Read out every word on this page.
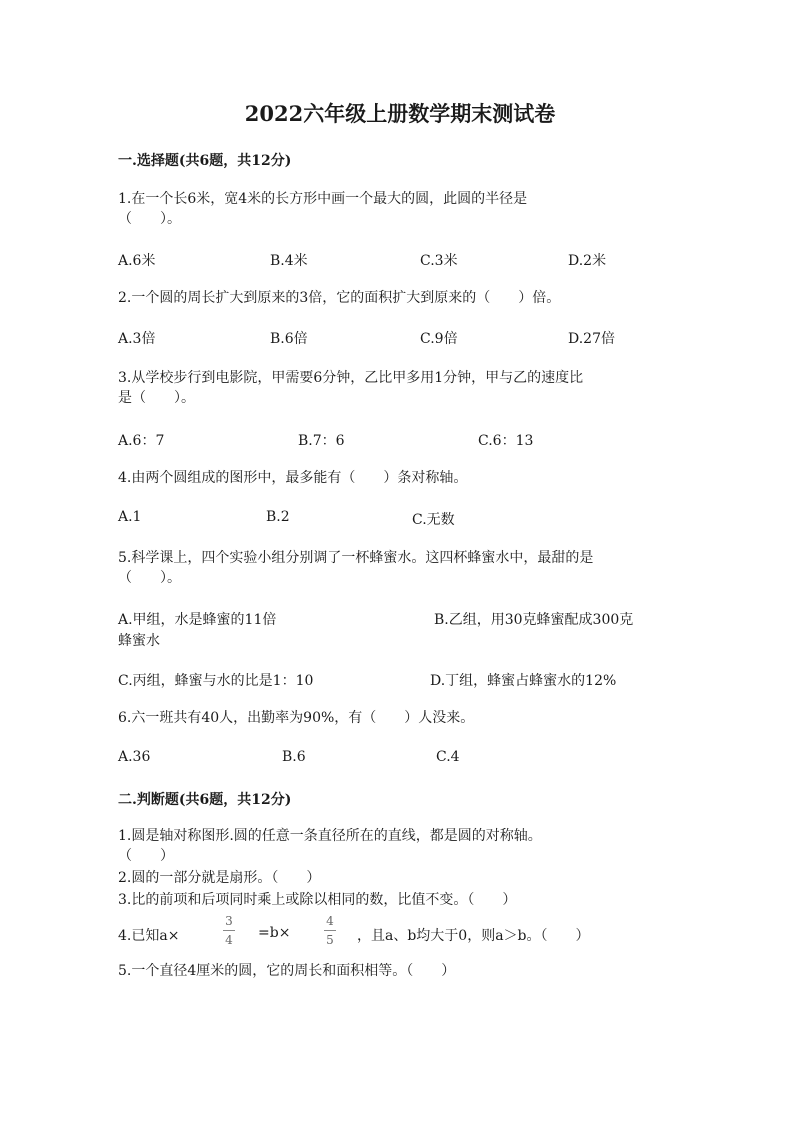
2022六年级上册数学期末测试卷
一.选择题(共6题，共12分)
1.在一个长6米，宽4米的长方形中画一个最大的圆，此圆的半径是
（　　）。
A.6米	B.4米	C.3米	D.2米
2.一个圆的周长扩大到原来的3倍，它的面积扩大到原来的（　　）倍。
A.3倍	B.6倍	C.9倍	D.27倍
3.从学校步行到电影院，甲需要6分钟，乙比甲多用1分钟，甲与乙的速度比
是（　　）。
A.6：7	B.7：6	C.6：13
4.由两个圆组成的图形中，最多能有（　　）条对称轴。
A.1	B.2	C.无数
5.科学课上，四个实验小组分别调了一杯蜂蜜水。这四杯蜂蜜水中，最甜的是
（　　）。
A.甲组，水是蜂蜜的11倍	B.乙组，用30克蜂蜜配成300克
蜂蜜水
C.丙组，蜂蜜与水的比是1：10	D.丁组，蜂蜜占蜂蜜水的12%
6.六一班共有40人，出勤率为90%，有（　　）人没来。
A.36	B.6	C.4
二.判断题(共6题，共12分)
1.圆是轴对称图形.圆的任意一条直径所在的直线，都是圆的对称轴。
（　　）
2.圆的一部分就是扇形。（　　）
3.比的前项和后项同时乘上或除以相同的数，比值不变。（　　）
4.已知a×
3
4 =b×
4
5 ，且a、b均大于0，则a＞b。（　　）
5.一个直径4厘米的圆，它的周长和面积相等。（　　）
